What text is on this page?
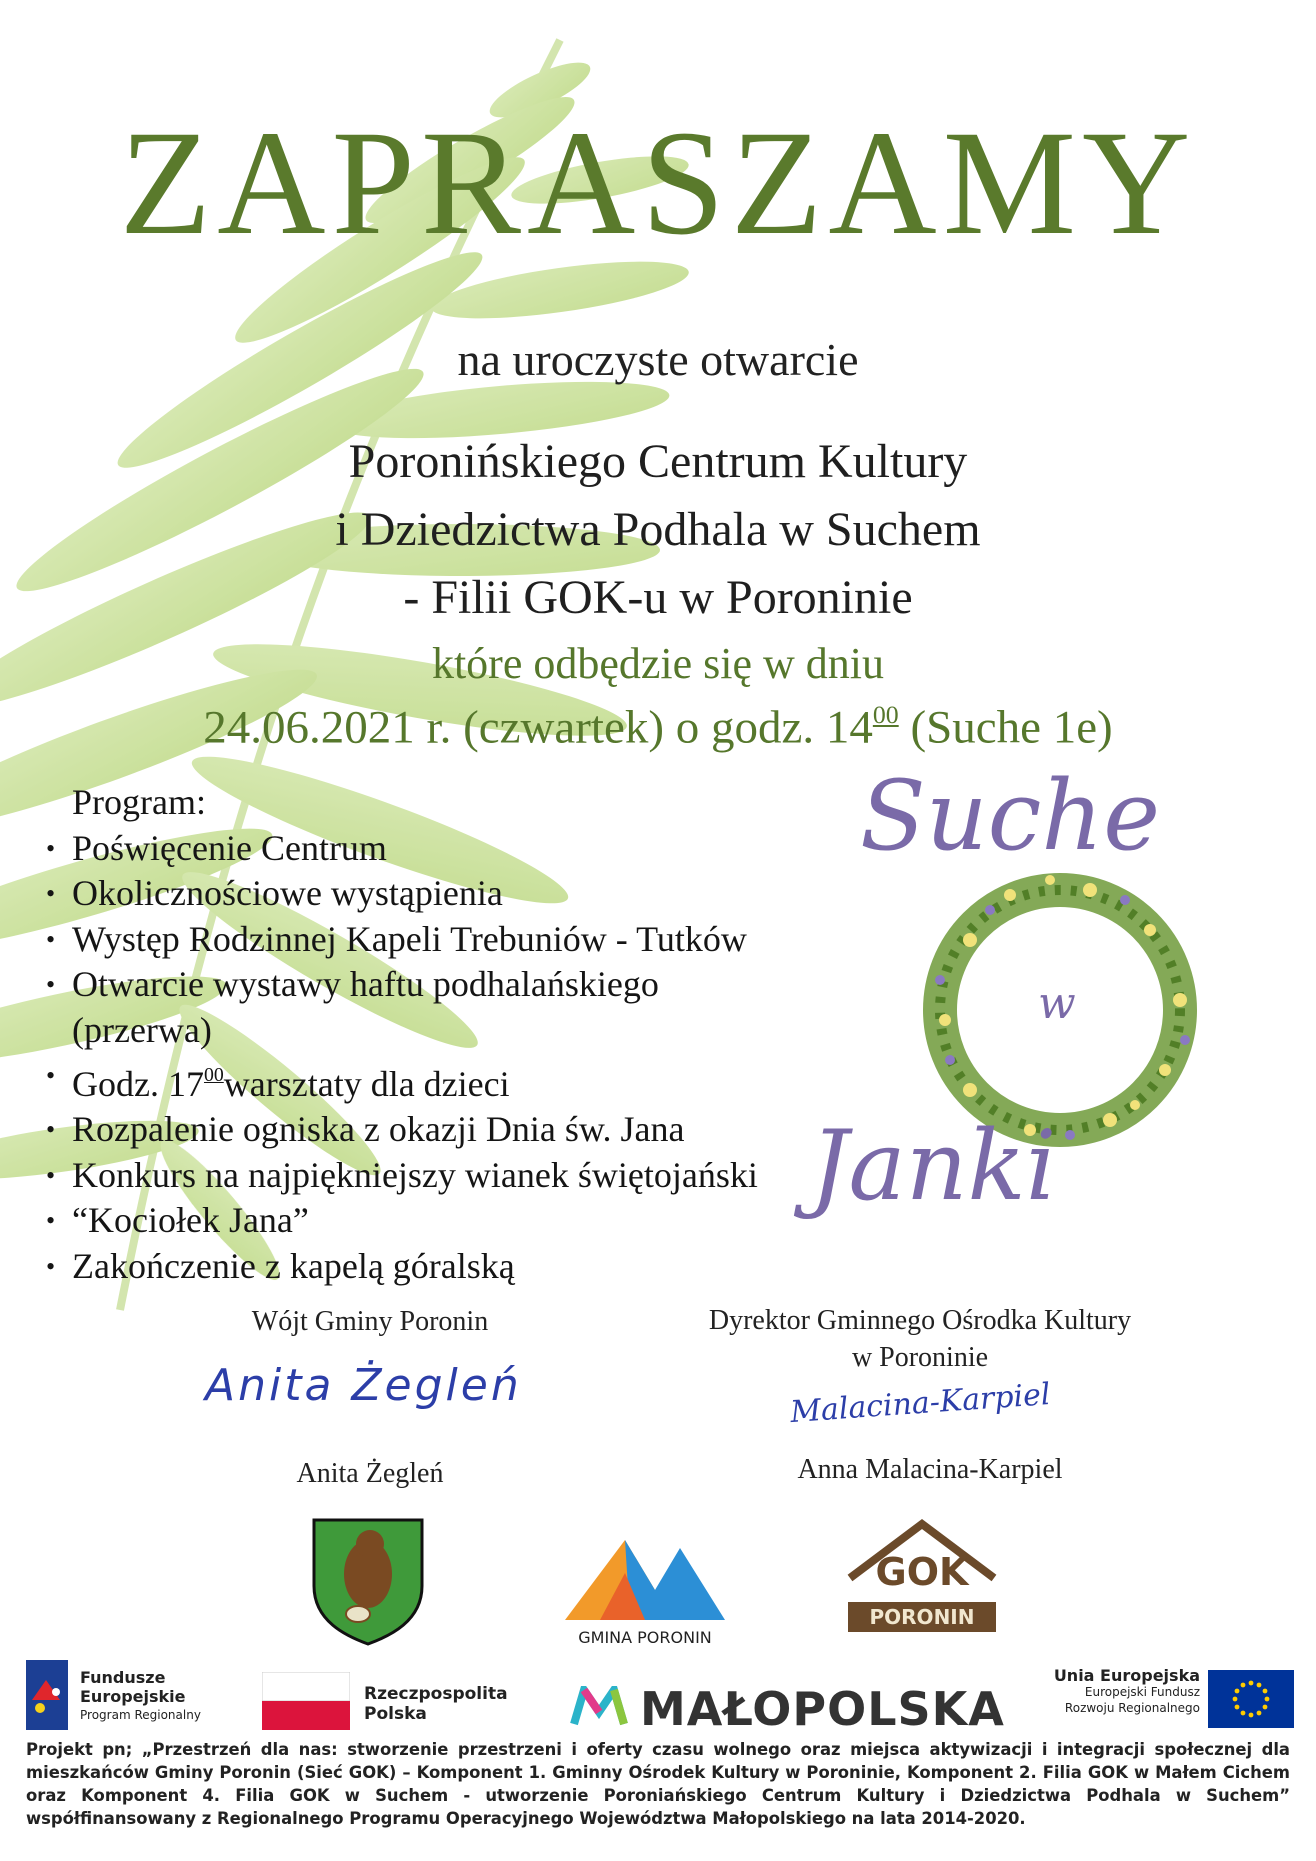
ZAPRASZAMY
na uroczyste otwarcie
Poronińskiego Centrum Kultury
i Dziedzictwa Podhala w Suchem
- Filii GOK-u w Poroninie
które odbędzie się w dniu
24.06.2021 r. (czwartek) o godz. $14^{00}$ (Suche 1e)
Program:
• Poświęcenie Centrum
• Okolicznościowe wystąpienia
• Występ Rodzinnej Kapeli Trebuniów - Tutków
• Otwarcie wystawy haftu podhalańskiego
(przerwa)
• Godz. $17^{00}warsztaty$ dla dzieci
• Rozpalenie ogniska z okazji Dnia św. Jana
• Konkurs na najpiękniejszy wianek świętojański
• “Kociołek Jana”
• Zakończenie z kapelą góralską
Suche
w
Janki
Wójt Gminy Poronin
Anita Żegleń
Anita Żegleń
Dyrektor Gminnego Ośrodka Kultury
w Poroninie
Malacina-Karpiel
Anna Malacina-Karpiel
GMINA PORONIN
GOK
PORONIN
Fundusze
Europejskie
Program Regionalny
Rzeczpospolita
Polska	MAŁOPOLSKA
Unia Europejska
Europejski Fundusz
Rozwoju Regionalnego
Projekt pn; „Przestrzeń dla nas: stworzenie przestrzeni i oferty czasu wolnego oraz miejsca aktywizacji i integracji społecznej dla mieszkańców Gminy Poronin (Sieć GOK) – Komponent 1. Gminny Ośrodek Kultury w Poroninie, Komponent 2. Filia GOK w Małem Cichem oraz Komponent 4. Filia GOK w Suchem - utworzenie Poroniańskiego Centrum Kultury i Dziedzictwa Podhala w Suchem” współfinansowany z Regionalnego Programu Operacyjnego Województwa Małopolskiego na lata 2014-2020.
